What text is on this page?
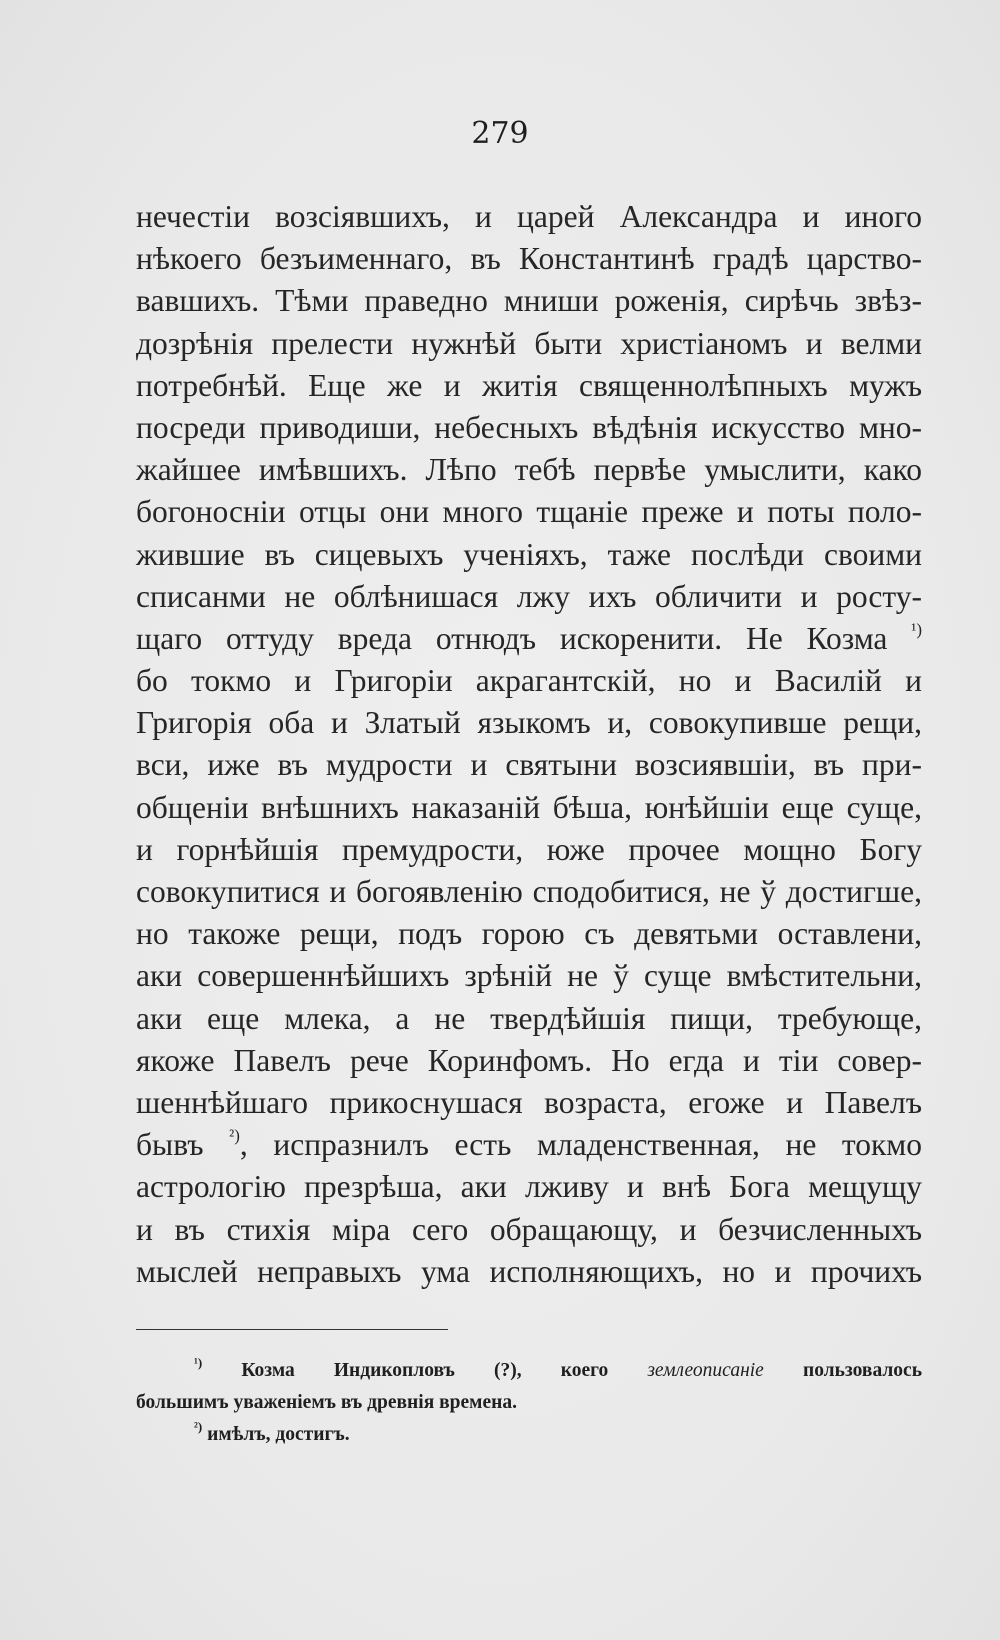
279
нечестіи возсіявшихъ, и царей Александра и иного
нѣкоего безъименнаго, въ Константинѣ градѣ царство-
вавшихъ. Тѣми праведно мниши роженія, сирѣчь звѣз-
дозрѣнія прелести нужнѣй быти христіаномъ и велми
потребнѣй. Еще же и житія священнолѣпныхъ мужъ
посреди приводиши, небесныхъ вѣдѣнія искусство мно-
жайшее имѣвшихъ. Лѣпо тебѣ первѣе умыслити, како
богоносніи отцы они много тщаніе преже и поты поло-
жившие въ сицевыхъ ученіяхъ, таже послѣди своими
списанми не облѣнишася лжу ихъ обличити и росту-
щаго оттуду вреда отнюдъ искоренити. Не Козма $^{^1)}$
бо токмо и Григоріи акрагантскій, но и Василій и
Григорія оба и Златый языкомъ и, совокупивше рещи,
вси, иже въ мудрости и святыни возсиявшіи, въ при-
общеніи внѣшнихъ наказаній бѣша, юнѣйшіи еще суще,
и горнѣйшія премудрости, юже прочее мощно Богу
совокупитися и богоявленію сподобитися, не ў достигше,
но такоже рещи, подъ горою съ девятьми оставлени,
аки совершеннѣйшихъ зрѣній не ў суще вмѣстительни,
аки еще млека, а не твердѣйшія пищи, требующе,
якоже Павелъ рече Коринфомъ. Но егда и тіи совер-
шеннѣйшаго прикоснушася возраста, егоже и Павелъ
бывъ $^{^2)}$, испразнилъ есть младенственная, не токмо
астрологію презрѣша, аки лживу и внѣ Бога мещущу
и въ стихія міра сего обращающу, и безчисленныхъ
мыслей неправыхъ ума исполняющихъ, но и прочихъ
$^{^1)}$ Козма Индикопловъ (?), коего землеописаніе пользовалось
большимъ уваженіемъ въ древнія времена.
$^{^2)}$ имѣлъ, достигъ.
